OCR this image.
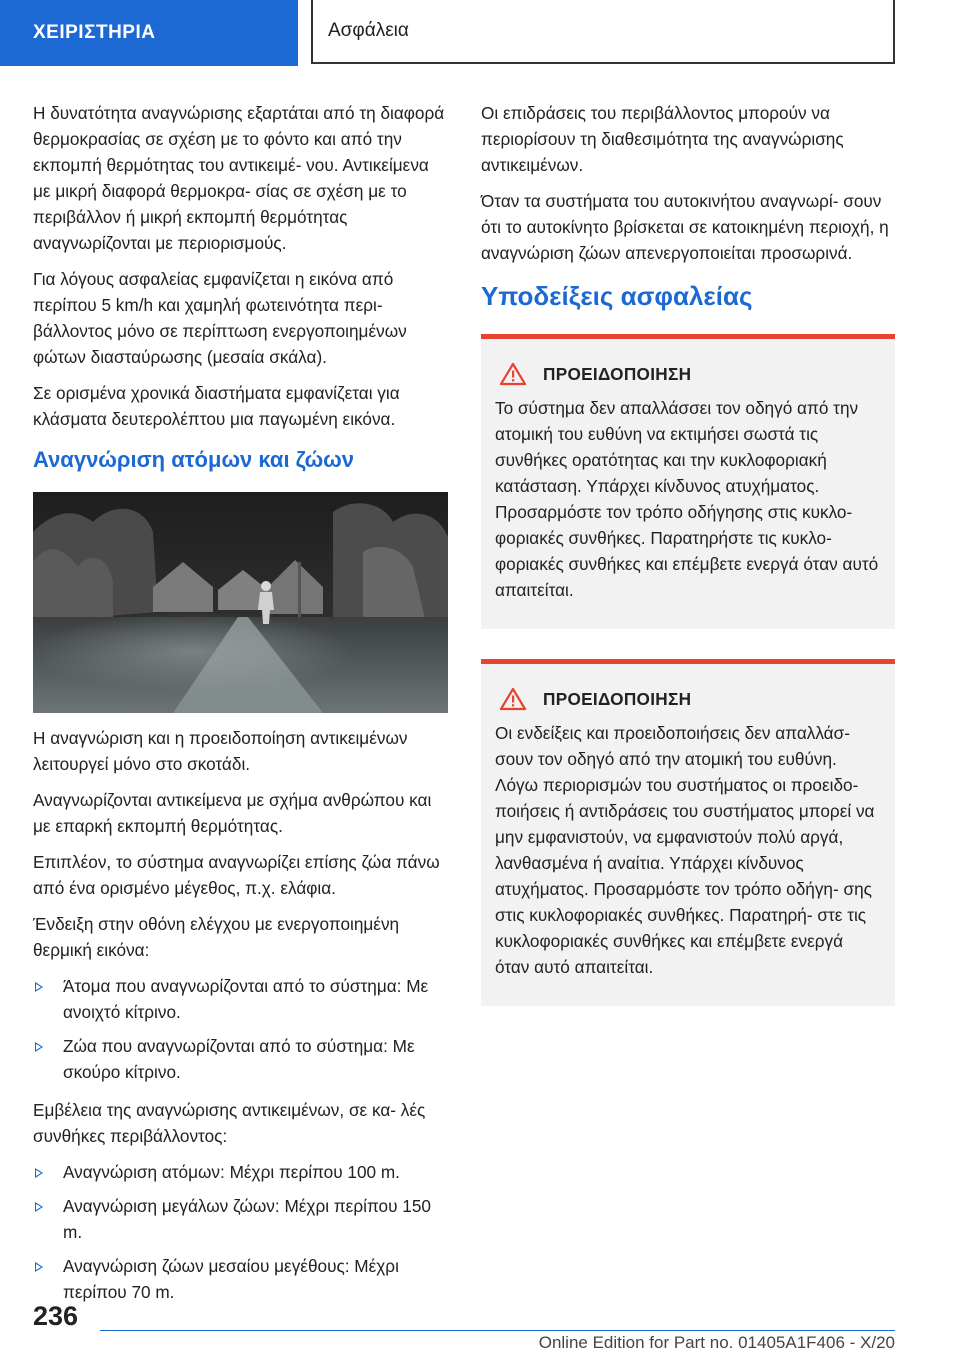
ΧΕΙΡΙΣΤΗΡΙΑ	Ασφάλεια

Η δυνατότητα αναγνώρισης εξαρτάται από τη διαφορά θερμοκρασίας σε σχέση με το φόντο και από την εκπομπή θερμότητας του αντικειμέ- νου. Αντικείμενα με μικρή διαφορά θερμοκρα- σίας σε σχέση με το περιβάλλον ή μικρή εκπομπή θερμότητας αναγνωρίζονται με περιορισμούς.

Για λόγους ασφαλείας εμφανίζεται η εικόνα από περίπου 5 km/h και χαμηλή φωτεινότητα περι- βάλλοντος μόνο σε περίπτωση ενεργοποιημένων φώτων διασταύρωσης (μεσαία σκάλα).

Σε ορισμένα χρονικά διαστήματα εμφανίζεται για κλάσματα δευτερολέπτου μια παγωμένη εικόνα.

Αναγνώριση ατόμων και ζώων

Η αναγνώριση και η προειδοποίηση αντικειμένων λειτουργεί μόνο στο σκοτάδι.

Αναγνωρίζονται αντικείμενα με σχήμα ανθρώπου και με επαρκή εκπομπή θερμότητας.

Επιπλέον, το σύστημα αναγνωρίζει επίσης ζώα πάνω από ένα ορισμένο μέγεθος, π.χ. ελάφια.

Ένδειξη στην οθόνη ελέγχου με ενεργοποιημένη θερμική εικόνα:

Άτομα που αναγνωρίζονται από το σύστημα: Με ανοιχτό κίτρινο.
Ζώα που αναγνωρίζονται από το σύστημα: Με σκούρο κίτρινο.

Εμβέλεια της αναγνώρισης αντικειμένων, σε κα- λές συνθήκες περιβάλλοντος:

Αναγνώριση ατόμων: Μέχρι περίπου 100 m.
Αναγνώριση μεγάλων ζώων: Μέχρι περίπου 150 m.
Αναγνώριση ζώων μεσαίου μεγέθους: Μέχρι περίπου 70 m.

Οι επιδράσεις του περιβάλλοντος μπορούν να περιορίσουν τη διαθεσιμότητα της αναγνώρισης αντικειμένων.

Όταν τα συστήματα του αυτοκινήτου αναγνωρί- σουν ότι το αυτοκίνητο βρίσκεται σε κατοικημένη περιοχή, η αναγνώριση ζώων απενεργοποιείται προσωρινά.

Υποδείξεις ασφαλείας
ΠΡΟΕΙΔΟΠΟΙΗΣΗ

Το σύστημα δεν απαλλάσσει τον οδηγό από την ατομική του ευθύνη να εκτιμήσει σωστά τις συνθήκες ορατότητας και την κυκλοφοριακή κατάσταση. Υπάρχει κίνδυνος ατυχήματος. Προσαρμόστε τον τρόπο οδήγησης στις κυκλο- φοριακές συνθήκες. Παρατηρήστε τις κυκλο- φοριακές συνθήκες και επέμβετε ενεργά όταν αυτό απαιτείται.

ΠΡΟΕΙΔΟΠΟΙΗΣΗ

Οι ενδείξεις και προειδοποιήσεις δεν απαλλάσ- σουν τον οδηγό από την ατομική του ευθύνη. Λόγω περιορισμών του συστήματος οι προειδο- ποιήσεις ή αντιδράσεις του συστήματος μπορεί να μην εμφανιστούν, να εμφανιστούν πολύ αργά, λανθασμένα ή αναίτια. Υπάρχει κίνδυνος ατυχήματος. Προσαρμόστε τον τρόπο οδήγη- σης στις κυκλοφοριακές συνθήκες. Παρατηρή- στε τις κυκλοφοριακές συνθήκες και επέμβετε ενεργά όταν αυτό απαιτείται.

236
Online Edition for Part no. 01405A1F406 - X/20
